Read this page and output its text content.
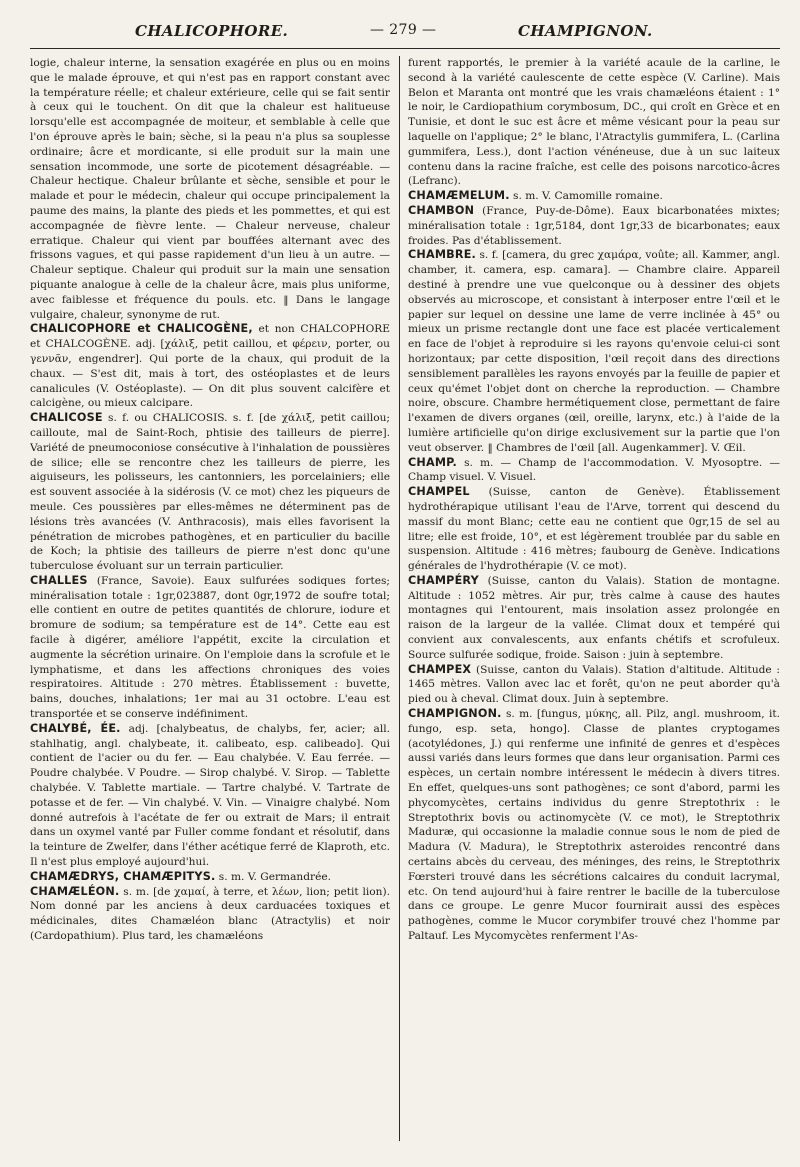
CHALICOPHORE.	— 279 —	CHAMPIGNON.

logie, chaleur interne, la sensation exagérée en plus ou en moins que le malade éprouve, et qui n'est pas en rapport constant avec la température réelle; et chaleur extérieure, celle qui se fait sentir à ceux qui le touchent. On dit que la chaleur est halitueuse lorsqu'elle est accompagnée de moiteur, et semblable à celle que l'on éprouve après le bain; sèche, si la peau n'a plus sa souplesse ordinaire; âcre et mordicante, si elle produit sur la main une sensation incommode, une sorte de picotement désagréable. — Chaleur hectique. Chaleur brûlante et sèche, sensible et pour le malade et pour le médecin, chaleur qui occupe principalement la paume des mains, la plante des pieds et les pommettes, et qui est accompagnée de fièvre lente. — Chaleur nerveuse, chaleur erratique. Chaleur qui vient par bouffées alternant avec des frissons vagues, et qui passe rapidement d'un lieu à un autre. — Chaleur septique. Chaleur qui produit sur la main une sensation piquante analogue à celle de la chaleur âcre, mais plus uniforme, avec faiblesse et fréquence du pouls. etc. ‖ Dans le langage vulgaire, chaleur, synonyme de rut.

CHALICOPHORE et CHALICOGÈNE, et non CHALCOPHORE et CHALCOGÈNE. adj. [χάλιξ, petit caillou, et φέρειν, porter, ou γεννᾶν, engendrer]. Qui porte de la chaux, qui produit de la chaux. — S'est dit, mais à tort, des ostéoplastes et de leurs canalicules (V. Ostéoplaste). — On dit plus souvent calcifère et calcigène, ou mieux calcipare.

CHALICOSE s. f. ou CHALICOSIS. s. f. [de χάλιξ, petit caillou; cailloute, mal de Saint-Roch, phtisie des tailleurs de pierre]. Variété de pneumoconiose consécutive à l'inhalation de poussières de silice; elle se rencontre chez les tailleurs de pierre, les aiguiseurs, les polisseurs, les cantonniers, les porcelainiers; elle est souvent associée à la sidérosis (V. ce mot) chez les piqueurs de meule. Ces poussières par elles-mêmes ne déterminent pas de lésions très avancées (V. Anthracosis), mais elles favorisent la pénétration de microbes pathogènes, et en particulier du bacille de Koch; la phtisie des tailleurs de pierre n'est donc qu'une tuberculose évoluant sur un terrain particulier.

CHALLES (France, Savoie). Eaux sulfurées sodiques fortes; minéralisation totale : 1gr,023887, dont 0gr,1972 de soufre total; elle contient en outre de petites quantités de chlorure, iodure et bromure de sodium; sa température est de 14°. Cette eau est facile à digérer, améliore l'appétit, excite la circulation et augmente la sécrétion urinaire. On l'emploie dans la scrofule et le lymphatisme, et dans les affections chroniques des voies respiratoires. Altitude : 270 mètres. Établissement : buvette, bains, douches, inhalations; 1er mai au 31 octobre. L'eau est transportée et se conserve indéfiniment.

CHALYBÉ, ÉE. adj. [chalybeatus, de chalybs, fer, acier; all. stahlhatig, angl. chalybeate, it. calibeato, esp. calibeado]. Qui contient de l'acier ou du fer. — Eau chalybée. V. Eau ferrée. — Poudre chalybée. V Poudre. — Sirop chalybé. V. Sirop. — Tablette chalybée. V. Tablette martiale. — Tartre chalybé. V. Tartrate de potasse et de fer. — Vin chalybé. V. Vin. — Vinaigre chalybé. Nom donné autrefois à l'acétate de fer ou extrait de Mars; il entrait dans un oxymel vanté par Fuller comme fondant et résolutif, dans la teinture de Zwelfer, dans l'éther acétique ferré de Klaproth, etc. Il n'est plus employé aujourd'hui.

CHAMÆDRYS, CHAMÆPITYS. s. m. V. Germandrée.

CHAMÆLÉON. s. m. [de χαμαί, à terre, et λέων, lion; petit lion). Nom donné par les anciens à deux carduacées toxiques et médicinales, dites Chamæléon blanc (Atractylis) et noir (Cardopathium). Plus tard, les chamæléons

furent rapportés, le premier à la variété acaule de la carline, le second à la variété caulescente de cette espèce (V. Carline). Mais Belon et Maranta ont montré que les vrais chamæléons étaient : 1° le noir, le Cardiopathium corymbosum, DC., qui croît en Grèce et en Tunisie, et dont le suc est âcre et même vésicant pour la peau sur laquelle on l'applique; 2° le blanc, l'Atractylis gummifera, L. (Carlina gummifera, Less.), dont l'action vénéneuse, due à un suc laiteux contenu dans la racine fraîche, est celle des poisons narcotico-âcres (Lefranc).

CHAMÆMELUM. s. m. V. Camomille romaine.

CHAMBON (France, Puy-de-Dôme). Eaux bicarbonatées mixtes; minéralisation totale : 1gr,5184, dont 1gr,33 de bicarbonates; eaux froides. Pas d'établissement.

CHAMBRE. s. f. [camera, du grec χαμάρα, voûte; all. Kammer, angl. chamber, it. camera, esp. camara]. — Chambre claire. Appareil destiné à prendre une vue quelconque ou à dessiner des objets observés au microscope, et consistant à interposer entre l'œil et le papier sur lequel on dessine une lame de verre inclinée à 45° ou mieux un prisme rectangle dont une face est placée verticalement en face de l'objet à reproduire si les rayons qu'envoie celui-ci sont horizontaux; par cette disposition, l'œil reçoit dans des directions sensiblement parallèles les rayons envoyés par la feuille de papier et ceux qu'émet l'objet dont on cherche la reproduction. — Chambre noire, obscure. Chambre hermétiquement close, permettant de faire l'examen de divers organes (œil, oreille, larynx, etc.) à l'aide de la lumière artificielle qu'on dirige exclusivement sur la partie que l'on veut observer. ‖ Chambres de l'œil [all. Augenkammer]. V. Œil.

CHAMP. s. m. — Champ de l'accommodation. V. Myosoptre. — Champ visuel. V. Visuel.

CHAMPEL (Suisse, canton de Genève). Établissement hydrothérapique utilisant l'eau de l'Arve, torrent qui descend du massif du mont Blanc; cette eau ne contient que 0gr,15 de sel au litre; elle est froide, 10°, et est légèrement troublée par du sable en suspension. Altitude : 416 mètres; faubourg de Genève. Indications générales de l'hydrothérapie (V. ce mot).

CHAMPÉRY (Suisse, canton du Valais). Station de montagne. Altitude : 1052 mètres. Air pur, très calme à cause des hautes montagnes qui l'entourent, mais insolation assez prolongée en raison de la largeur de la vallée. Climat doux et tempéré qui convient aux convalescents, aux enfants chétifs et scrofuleux. Source sulfurée sodique, froide. Saison : juin à septembre.

CHAMPEX (Suisse, canton du Valais). Station d'altitude. Altitude : 1465 mètres. Vallon avec lac et forêt, qu'on ne peut aborder qu'à pied ou à cheval. Climat doux. Juin à septembre.

CHAMPIGNON. s. m. [fungus, μύκης, all. Pilz, angl. mushroom, it. fungo, esp. seta, hongo]. Classe de plantes cryptogames (acotylédones, J.) qui renferme une infinité de genres et d'espèces aussi variés dans leurs formes que dans leur organisation. Parmi ces espèces, un certain nombre intéressent le médecin à divers titres. En effet, quelques-uns sont pathogènes; ce sont d'abord, parmi les phycomycètes, certains individus du genre Streptothrix : le Streptothrix bovis ou actinomycète (V. ce mot), le Streptothrix Maduræ, qui occasionne la maladie connue sous le nom de pied de Madura (V. Madura), le Streptothrix asteroides rencontré dans certains abcès du cerveau, des méninges, des reins, le Streptothrix Fœrsteri trouvé dans les sécrétions calcaires du conduit lacrymal, etc. On tend aujourd'hui à faire rentrer le bacille de la tuberculose dans ce groupe. Le genre Mucor fournirait aussi des espèces pathogènes, comme le Mucor corymbifer trouvé chez l'homme par Paltauf. Les Mycomycètes renferment l'As-
